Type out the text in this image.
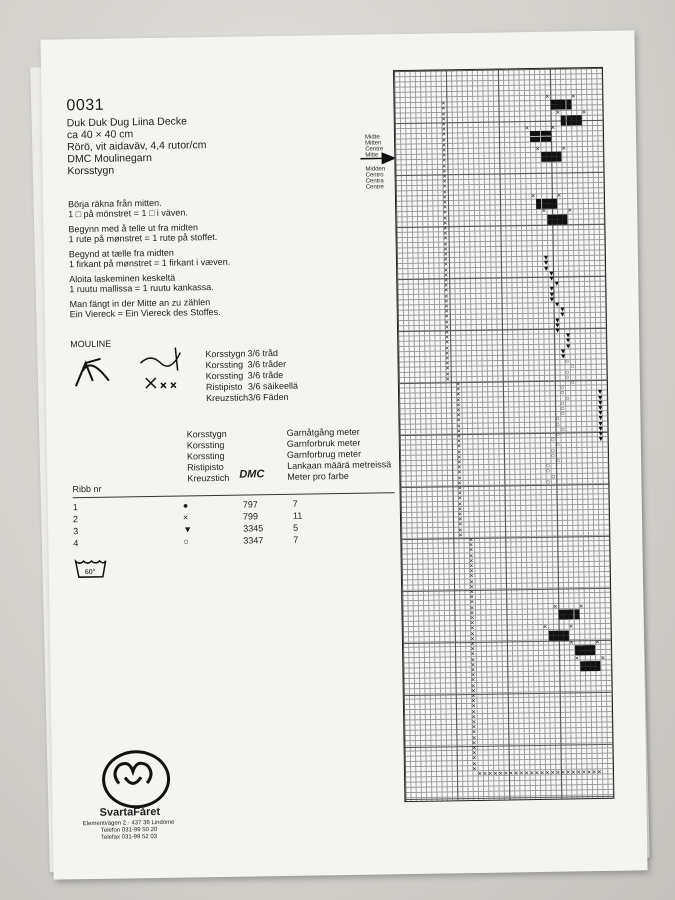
0031
Duk Duk Dug Liina Decke
ca 40 × 40 cm
Rörö, vit aidaväv, 4,4 rutor/cm
DMC Moulinegarn
Korsstygn

Börja räkna från mitten.
1 □ på mönstret = 1 □ i väven.

Begynn med å telle ut fra midten
1 rute på mønstret = 1 rute på stoffet.

Begynd at tælle fra midten
1 firkant på mønstret = 1 firkant i væven.

Aloita laskeminen keskeltä
1 ruutu mallissa = 1 ruutu kankassa.

Man fängt in der Mitte an zu zählen
Ein Viereck = Ein Viereck des Stoffes.

MOULINE
Korsstygn 3/6 tråd
Korssting 3/6 tråder
Korssting 3/6 tråde
Ristipisto 3/6 säikeellä
Kreuzstich 3/6 Fäden
Korsstygn
Korssting
Korssting
Ristipisto
Kreuzstich DMC
Garnåtgång meter
Garnforbruk meter
Garnforbrug meter
Lankaan määrä metreissä
Meter pro farbe
Ribb nr
1	●	797	7
2	×	799	11
3	▼	3345	5
4	○	3347	7
60°
Midte
Mitten
Centre
Mitte
Midden
Centro
Centra
Centre
×
×
×
×
×
×
×
×
×
×
×
×
×
×
×
×
×
×
×
×
×
×
×
×
×
×
×
×
×
×
×
×
×
×
×
×
×
×
×
×
×
×
×
×
×
×
×
×
×
×
×
×
×
×
×
×
×
×
×
×
×
×
×
×
×
×
×
×
×
×
×
×
×
×
×
×
×
×
×
×
×
×
×
×
×
×
×
×
×
×
×
×
×
×
×
×
×
×
×
×
×
×
×
×
×
×
×
×
×
×
×
×
×
×
×
×
×
×
×
×
×
×
×
×
×
×
×
×
×
× × × × × × × × × × × × × × × × × × × × × × × ×
×	×
×	×
×	×
×	×
×	×
×	×
×	×
×	×
×	×
×	×
▼
▼
▼
▼
▼
▼
▼
▼
▼
▼
▼
▼
▼
▼
▼
▼
▼
▼
▼
▼
○
○
○
○
○
○
○
○
○
○
○
○
○
○
○
○
○
○
○
○
○
○
○
○
▼
▼
▼
▼
▼
▼
▼
▼
▼
▼
SvartaFåret
Elementvägen 2 · 437 36 Lindome
Telefon 031-99 50 20
Telefax 031-99 52 03
